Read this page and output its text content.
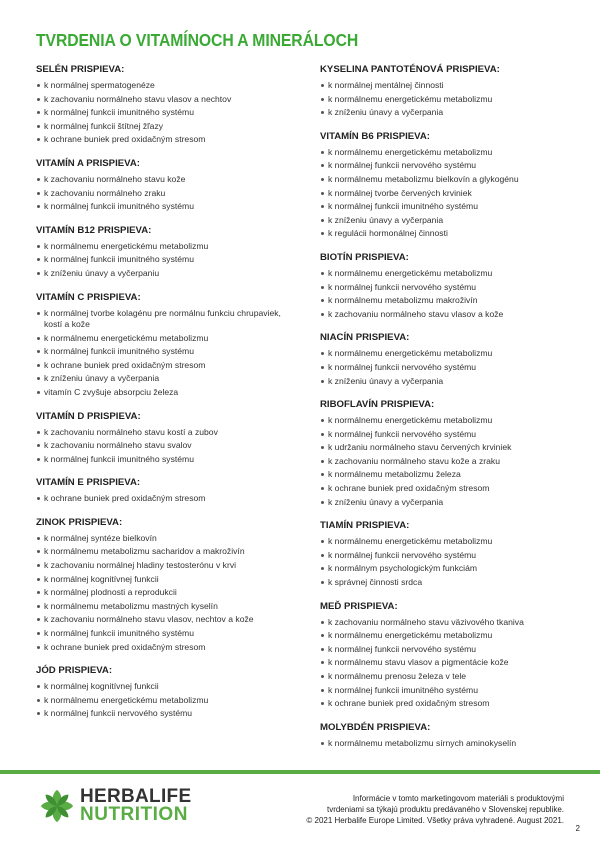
TVRDENIA O VITAMÍNOCH A MINERÁLOCH
SELÉN PRISPIEVA:
k normálnej spermatogenéze
k zachovaniu normálneho stavu vlasov a nechtov
k normálnej funkcii imunitného systému
k normálnej funkcii štítnej žľazy
k ochrane buniek pred oxidačným stresom
VITAMÍN A PRISPIEVA:
k zachovaniu normálneho stavu kože
k zachovaniu normálneho zraku
k normálnej funkcii imunitného systému
VITAMÍN B12 PRISPIEVA:
k normálnemu energetickému metabolizmu
k normálnej funkcii imunitného systému
k zníženiu únavy a vyčerpaniu
VITAMÍN C PRISPIEVA:
k normálnej tvorbe kolagénu pre normálnu funkciu chrupaviek, kostí a kože
k normálnemu energetickému metabolizmu
k normálnej funkcii imunitného systému
k ochrane buniek pred oxidačným stresom
k zníženiu únavy a vyčerpania
vitamín C zvyšuje absorpciu železa
VITAMÍN D PRISPIEVA:
k zachovaniu normálneho stavu kostí a zubov
k zachovaniu normálneho stavu svalov
k normálnej funkcii imunitného systému
VITAMÍN E PRISPIEVA:
k ochrane buniek pred oxidačným stresom
ZINOK PRISPIEVA:
k normálnej syntéze bielkovín
k normálnemu metabolizmu sacharidov a makroživín
k zachovaniu normálnej hladiny testosterónu v krvi
k normálnej kognitívnej funkcii
k normálnej plodnosti a reprodukcii
k normálnemu metabolizmu mastných kyselín
k zachovaniu normálneho stavu vlasov, nechtov a kože
k normálnej funkcii imunitného systému
k ochrane buniek pred oxidačným stresom
JÓD PRISPIEVA:
k normálnej kognitívnej funkcii
k normálnemu energetickému metabolizmu
k normálnej funkcii nervového systému
KYSELINA PANTOTÉNOVÁ PRISPIEVA:
k normálnej mentálnej činnosti
k normálnemu energetickému metabolizmu
k zníženiu únavy a vyčerpania
VITAMÍN B6 PRISPIEVA:
k normálnemu energetickému metabolizmu
k normálnej funkcii nervového systému
k normálnemu metabolizmu bielkovín a glykogénu
k normálnej tvorbe červených krviniek
k normálnej funkcii imunitného systému
k zníženiu únavy a vyčerpania
k regulácii hormonálnej činnosti
BIOTÍN PRISPIEVA:
k normálnemu energetickému metabolizmu
k normálnej funkcii nervového systému
k normálnemu metabolizmu makroživín
k zachovaniu normálneho stavu vlasov a kože
NIACÍN PRISPIEVA:
k normálnemu energetickému metabolizmu
k normálnej funkcii nervového systému
k zníženiu únavy a vyčerpania
RIBOFLAVÍN PRISPIEVA:
k normálnemu energetickému metabolizmu
k normálnej funkcii nervového systému
k udržaniu normálneho stavu červených krviniek
k zachovaniu normálneho stavu kože a zraku
k normálnemu metabolizmu železa
k ochrane buniek pred oxidačným stresom
k zníženiu únavy a vyčerpania
TIAMÍN PRISPIEVA:
k normálnemu energetickému metabolizmu
k normálnej funkcii nervového systému
k normálnym psychologickým funkciám
k správnej činnosti srdca
MEĎ PRISPIEVA:
k zachovaniu normálneho stavu väzivového tkaniva
k normálnemu energetickému metabolizmu
k normálnej funkcii nervového systému
k normálnemu stavu vlasov a pigmentácie kože
k normálnemu prenosu železa v tele
k normálnej funkcii imunitného systému
k ochrane buniek pred oxidačným stresom
MOLYBDÉN PRISPIEVA:
k normálnemu metabolizmu sírnych aminokyselín
HERBALIFE
NUTRITION
Informácie v tomto marketingovom materiáli s produktovými
tvrdeniami sa týkajú produktu predávaného v Slovenskej republike.
© 2021 Herbalife Europe Limited. Všetky práva vyhradené. August 2021.
2
